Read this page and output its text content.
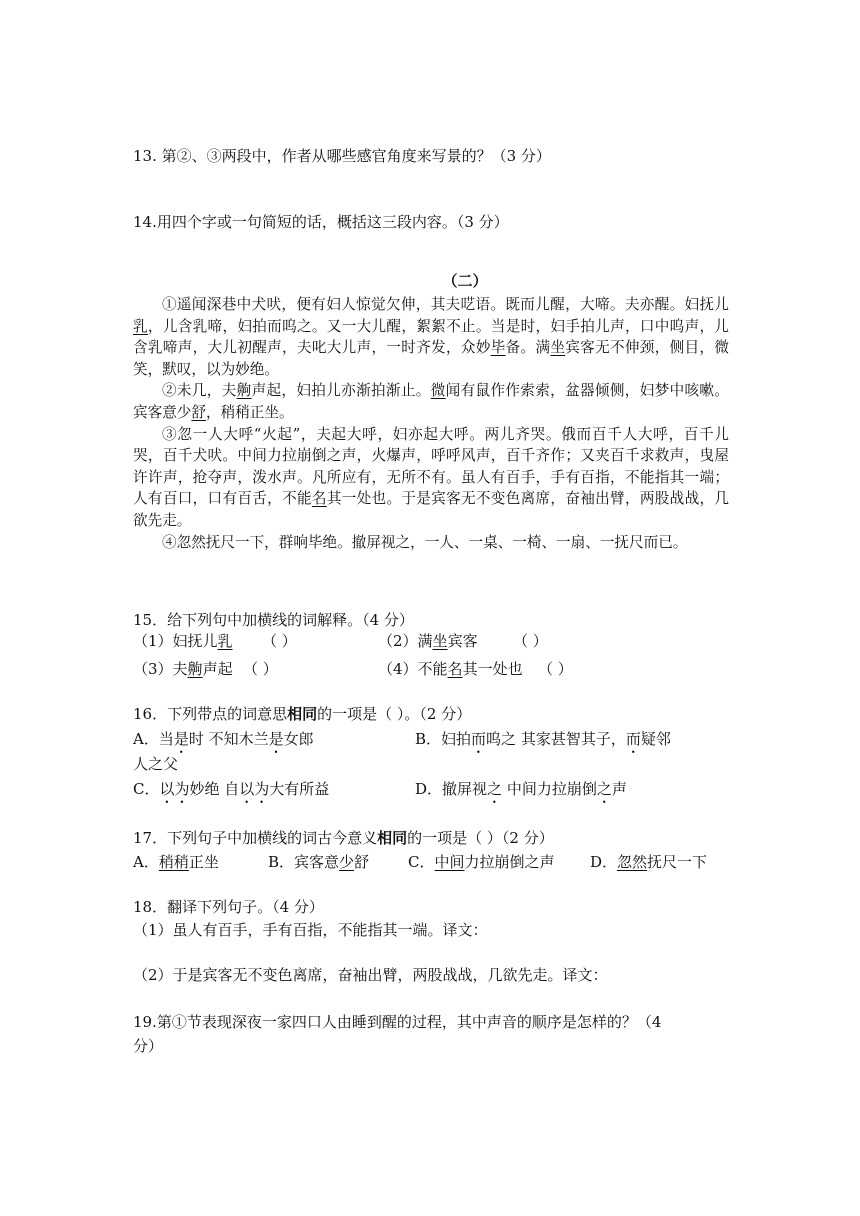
13. 第②、③两段中，作者从哪些感官角度来写景的？（3 分）
14.用四个字或一句简短的话，概括这三段内容。（3 分）
（二）

①遥闻深巷中犬吠，便有妇人惊觉欠伸，其夫呓语。既而儿醒，大啼。夫亦醒。妇抚儿乳，儿含乳啼，妇拍而呜之。又一大儿醒，絮絮不止。当是时，妇手拍儿声，口中呜声，儿含乳啼声，大儿初醒声，夫叱大儿声，一时齐发，众妙毕备。满坐宾客无不伸颈，侧目，微笑，默叹，以为妙绝。

②未几，夫齁声起，妇拍儿亦渐拍渐止。微闻有鼠作作索索，盆器倾侧，妇梦中咳嗽。宾客意少舒，稍稍正坐。

③忽一人大呼“火起”，夫起大呼，妇亦起大呼。两儿齐哭。俄而百千人大呼，百千儿哭，百千犬吠。中间力拉崩倒之声，火爆声，呼呼风声，百千齐作；又夹百千求救声，曳屋许许声，抢夺声，泼水声。凡所应有，无所不有。虽人有百手，手有百指，不能指其一端；人有百口，口有百舌，不能名其一处也。于是宾客无不变色离席，奋袖出臂，两股战战，几欲先走。

④忽然抚尺一下，群响毕绝。撤屏视之，一人、一桌、一椅、一扇、一抚尺而已。

15．给下列句中加横线的词解释。（4 分）
（1）妇抚儿乳 （ ）	（2）满坐宾客 （ ）
（3）夫齁声起 （ ）	（4）不能名其一处也 （ ）
16．下列带点的词意思相同的一项是（ ）。（2 分）
A．当是时 不知木兰是女郎	B．妇拍而呜之 其家甚智其子，而疑邻
人之父
C．以为妙绝 自以为大有所益	D．撤屏视之 中间力拉崩倒之声
17．下列句子中加横线的词古今意义相同的一项是（ ）（2 分）
A．稍稍正坐	B．宾客意少舒	C．中间力拉崩倒之声 D．忽然抚尺一下
18．翻译下列句子。（4 分）
（1）虽人有百手，手有百指，不能指其一端。译文：
（2）于是宾客无不变色离席，奋袖出臂，两股战战，几欲先走。译文：
19.第①节表现深夜一家四口人由睡到醒的过程，其中声音的顺序是怎样的？（4
分）
